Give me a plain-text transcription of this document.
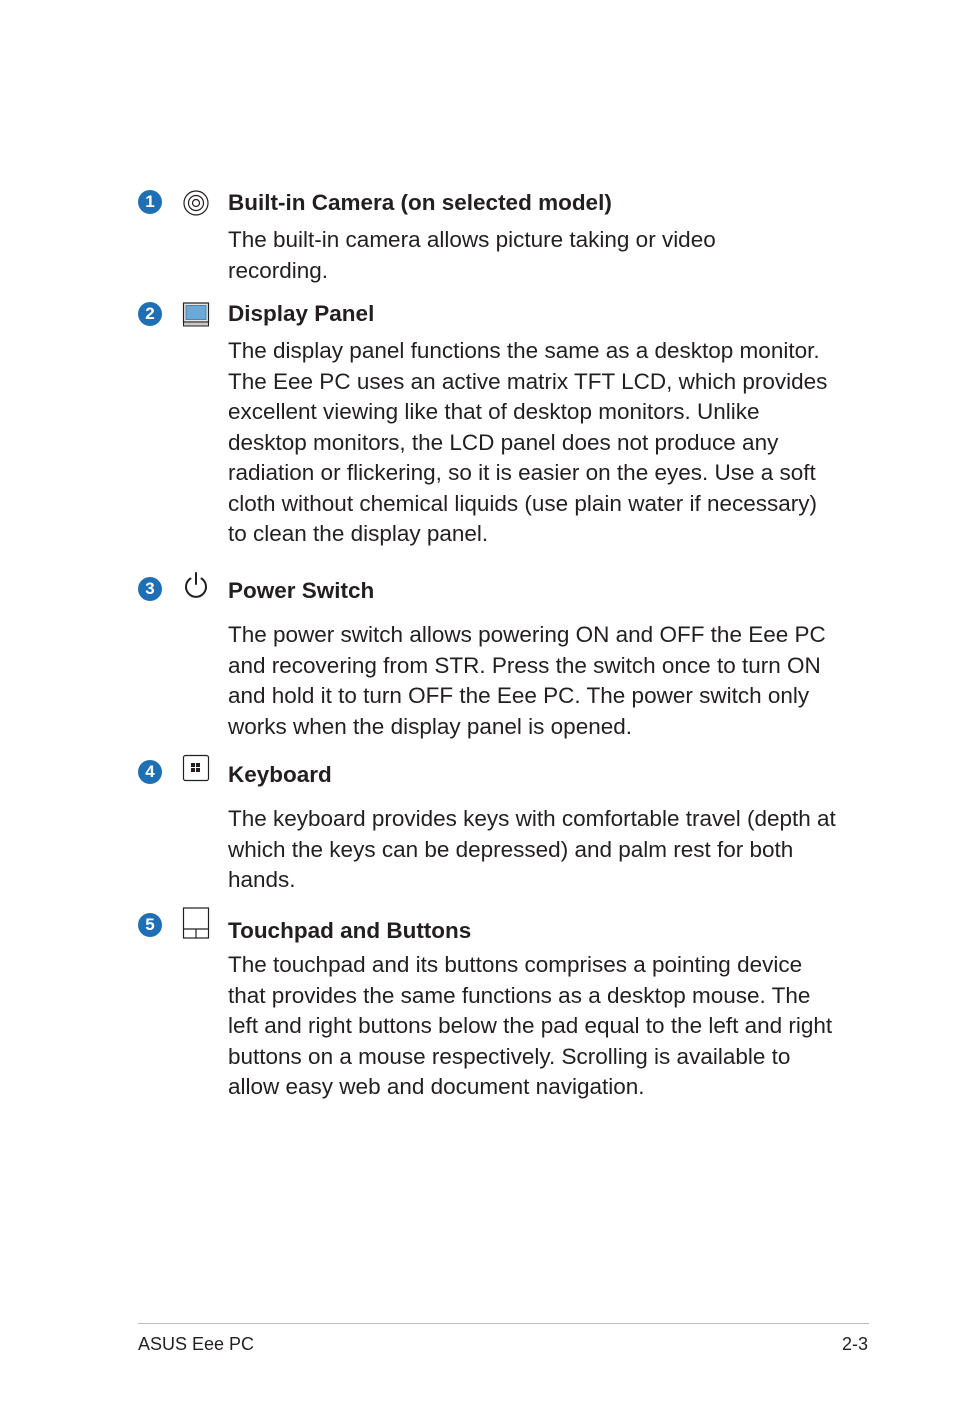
1	Built-in Camera (on selected model)
The built-in camera allows picture taking or video recording.
2	Display Panel
The display panel functions the same as a desktop monitor. The Eee PC uses an active matrix TFT LCD, which provides excellent viewing like that of desktop monitors. Unlike desktop monitors, the LCD panel does not produce any radiation or flickering, so it is easier on the eyes. Use a soft cloth without chemical liquids (use plain water if necessary) to clean the display panel.
3	Power Switch
The power switch allows powering ON and OFF the Eee PC and recovering from STR. Press the switch once to turn ON and hold it to turn OFF the Eee PC. The power switch only works when the display panel is opened.
4	Keyboard
The keyboard provides keys with comfortable travel (depth at which the keys can be depressed) and palm rest for both hands.
5	Touchpad and Buttons
The touchpad and its buttons comprises a pointing device that provides the same functions as a desktop mouse. The left and right buttons below the pad equal to the left and right buttons on a mouse respectively. Scrolling is available to allow easy web and document navigation.
ASUS Eee PC	2-3
